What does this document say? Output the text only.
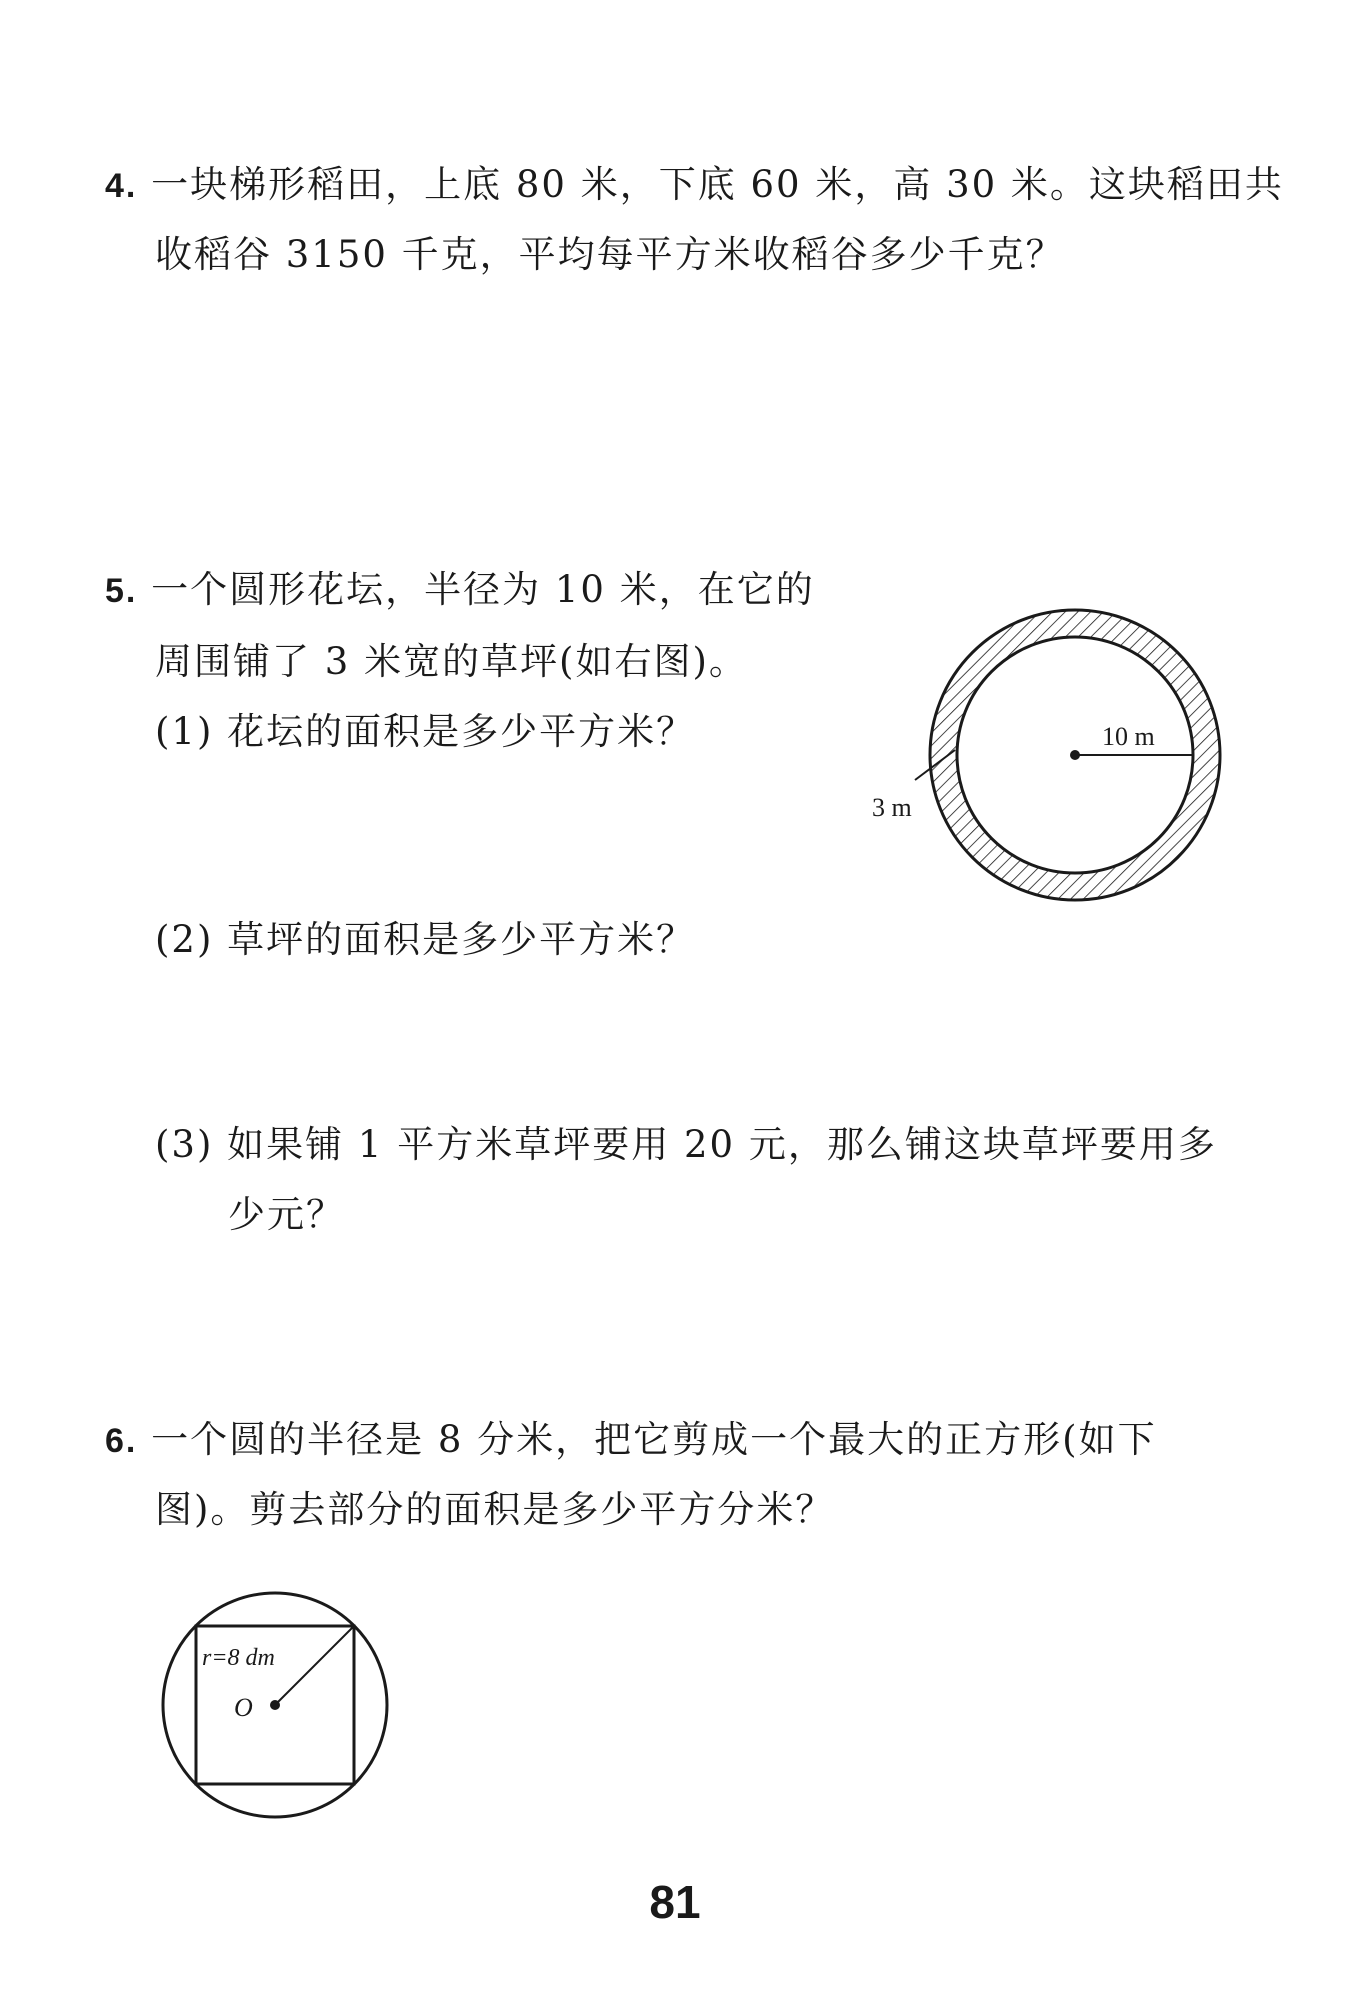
4. 一块梯形稻田，上底 80 米，下底 60 米，高 30 米。这块稻田共
收稻谷 3150 千克，平均每平方米收稻谷多少千克？
5. 一个圆形花坛，半径为 10 米，在它的
周围铺了 3 米宽的草坪(如右图)。
(1) 花坛的面积是多少平方米？
(2) 草坪的面积是多少平方米？
(3) 如果铺 1 平方米草坪要用 20 元，那么铺这块草坪要用多
少元？
10 m
3 m
6. 一个圆的半径是 8 分米，把它剪成一个最大的正方形(如下
图)。剪去部分的面积是多少平方分米？
r=8 dm
O
81
